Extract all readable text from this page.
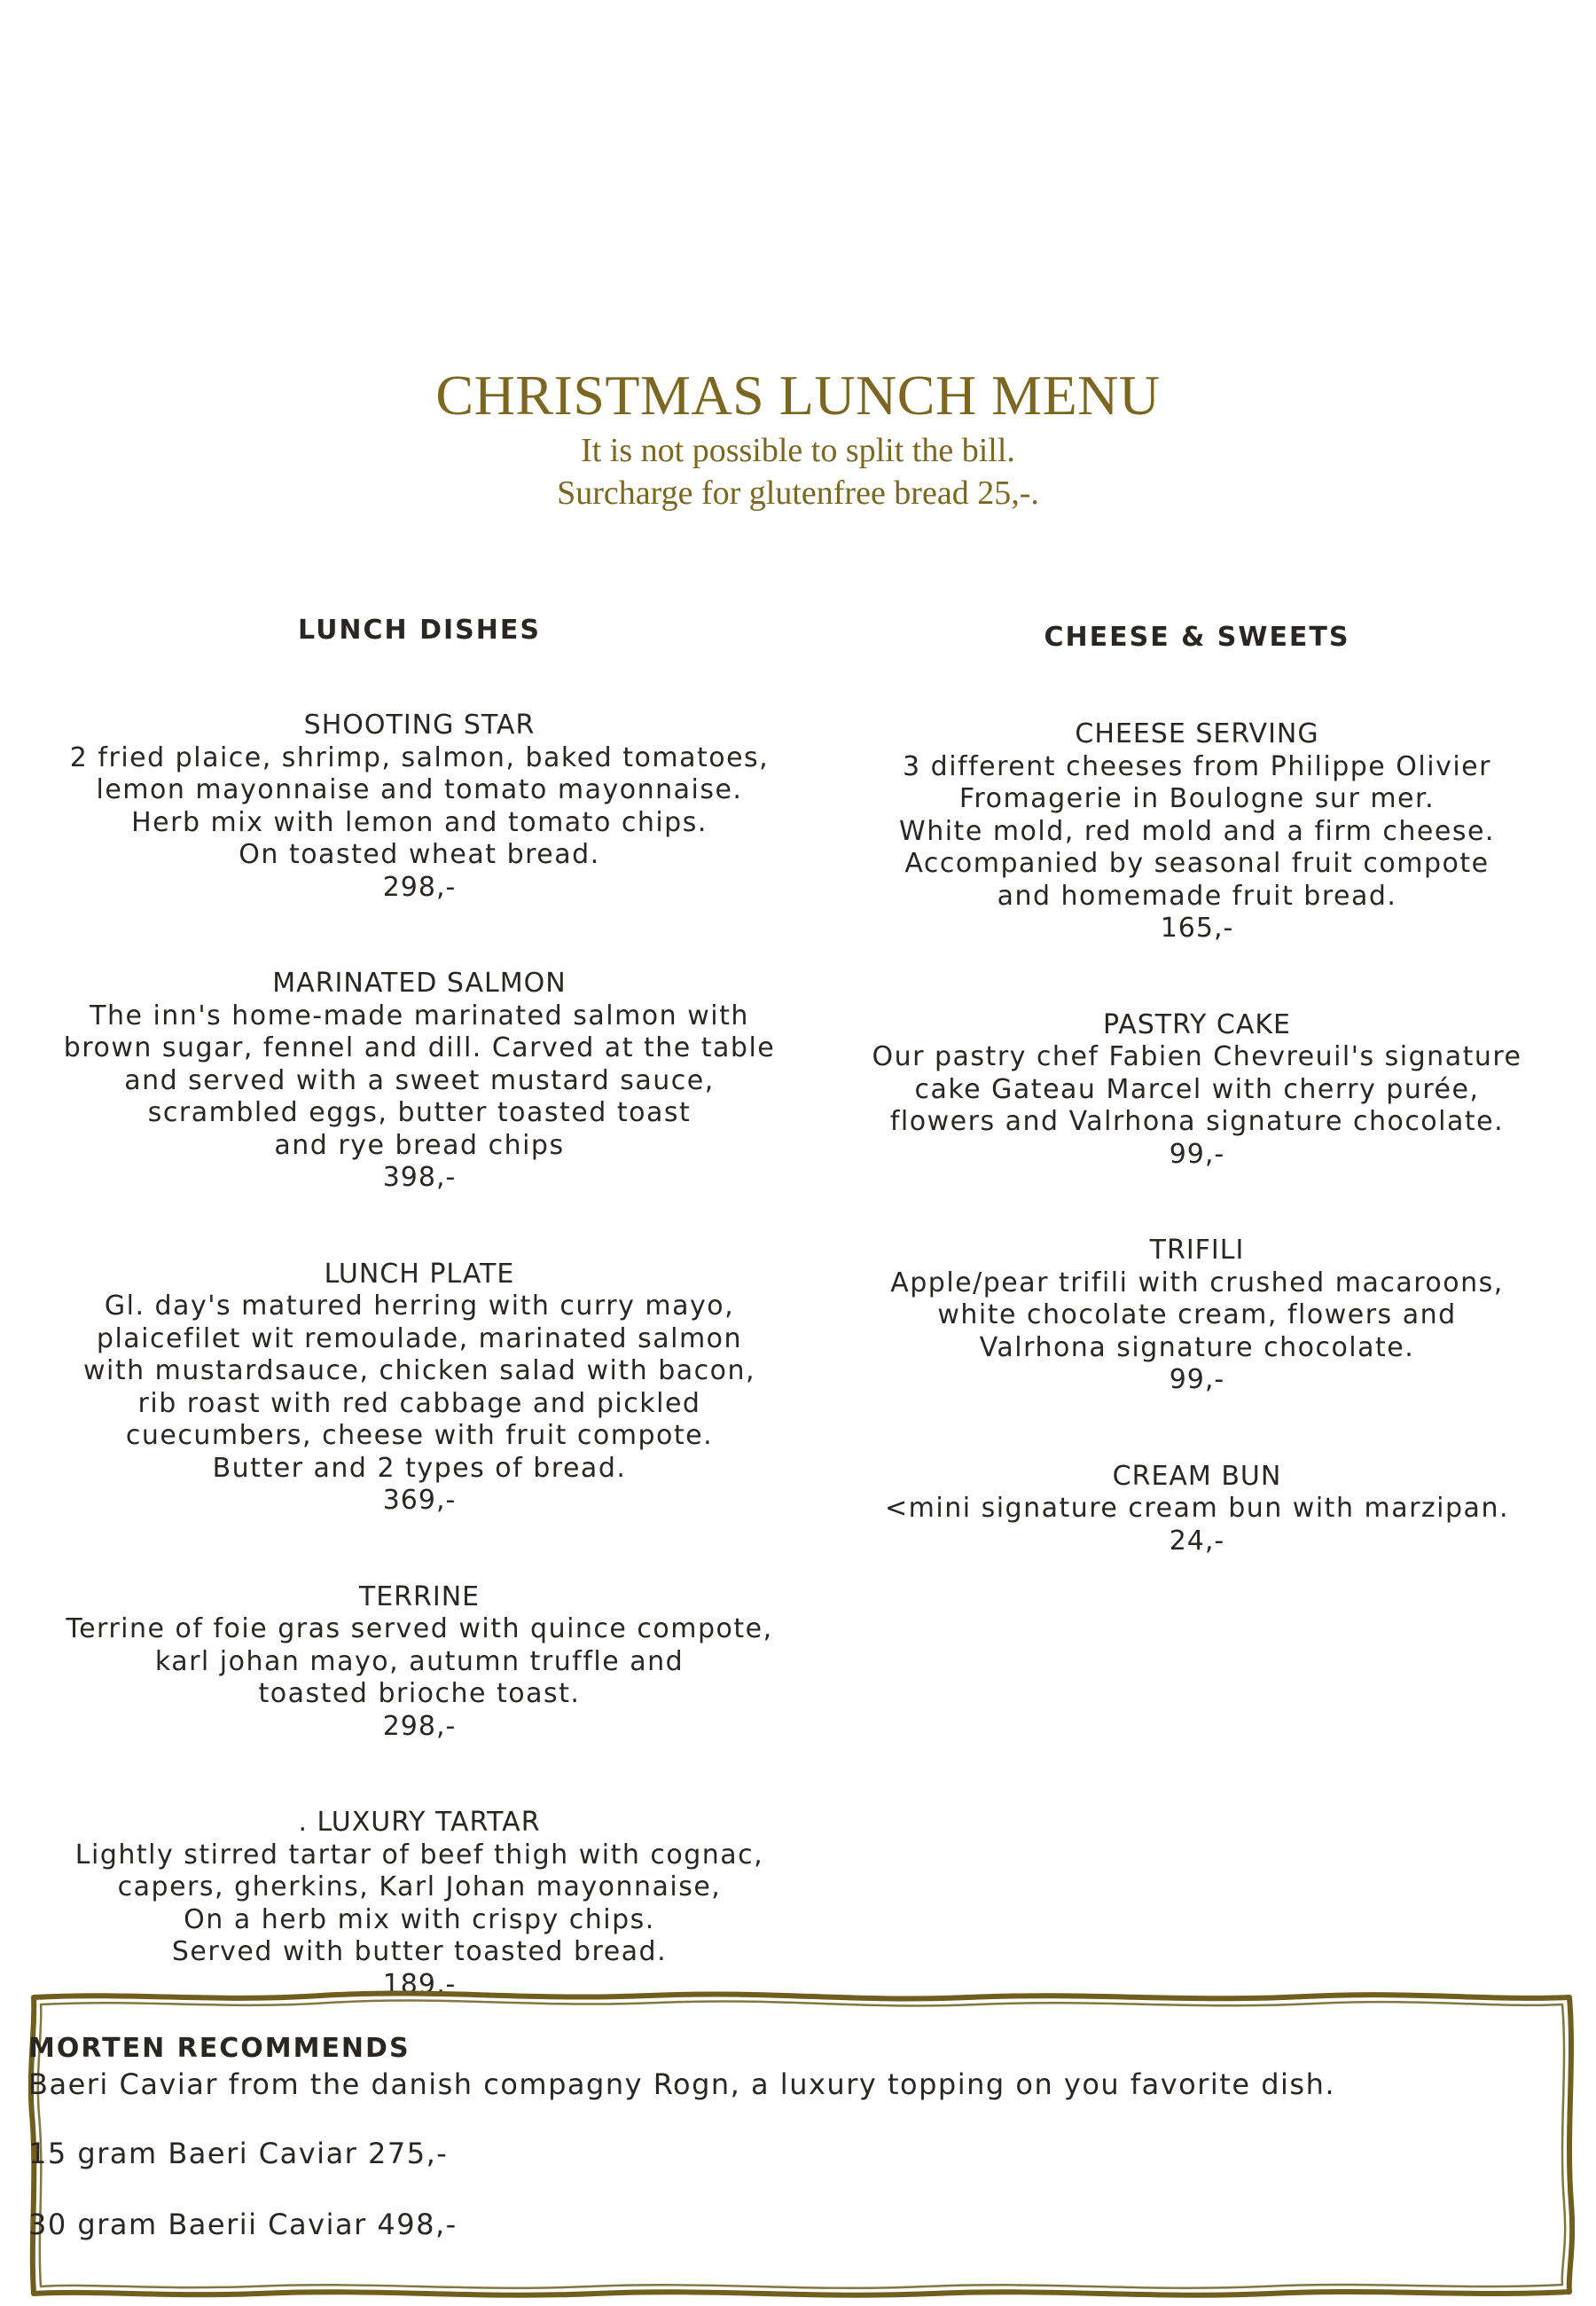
CHRISTMAS LUNCH MENU
It is not possible to split the bill.
Surcharge for glutenfree bread 25,-.
LUNCH DISHES
SHOOTING STAR
2 fried plaice, shrimp, salmon, baked tomatoes,
lemon mayonnaise and tomato mayonnaise.
Herb mix with lemon and tomato chips.
On toasted wheat bread.
298,-
MARINATED SALMON
The inn's home-made marinated salmon with
brown sugar, fennel and dill. Carved at the table
and served with a sweet mustard sauce,
scrambled eggs, butter toasted toast
and rye bread chips
398,-
LUNCH PLATE
Gl. day's matured herring with curry mayo,
plaicefilet wit remoulade, marinated salmon
with mustardsauce, chicken salad with bacon,
rib roast with red cabbage and pickled
cuecumbers, cheese with fruit compote.
Butter and 2 types of bread.
369,-
TERRINE
Terrine of foie gras served with quince compote,
karl johan mayo, autumn truffle and
toasted brioche toast.
298,-
. LUXURY TARTAR
Lightly stirred tartar of beef thigh with cognac,
capers, gherkins, Karl Johan mayonnaise,
On a herb mix with crispy chips.
Served with butter toasted bread.
189,-
CHEESE & SWEETS
CHEESE SERVING
3 different cheeses from Philippe Olivier
Fromagerie in Boulogne sur mer.
White mold, red mold and a firm cheese.
Accompanied by seasonal fruit compote
and homemade fruit bread.
165,-
PASTRY CAKE
Our pastry chef Fabien Chevreuil's signature
cake Gateau Marcel with cherry purée,
flowers and Valrhona signature chocolate.
99,-
TRIFILI
Apple/pear trifili with crushed macaroons,
white chocolate cream, flowers and
Valrhona signature chocolate.
99,-
CREAM BUN
<mini signature cream bun with marzipan.
24,-
MORTEN RECOMMENDS
Baeri Caviar from the danish compagny Rogn, a luxury topping on you favorite dish.
15 gram Baeri Caviar 275,-
30 gram Baerii Caviar 498,-
